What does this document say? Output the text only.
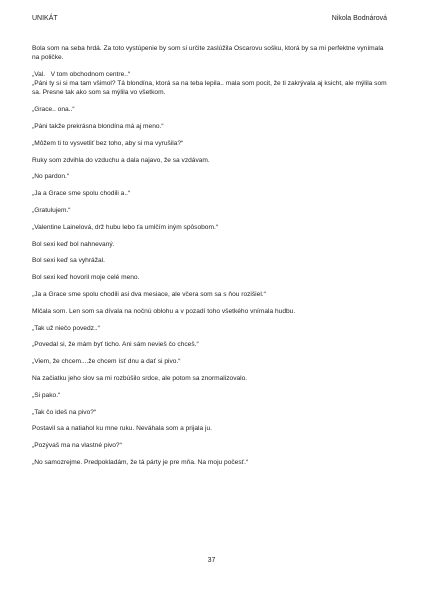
UNIKÁT	Nikola Bodnárová

Bola som na seba hrdá. Za toto vystúpenie by som si určite zaslúžila Oscarovu sošku, ktorá by sa mi perfektne vynímala na poličke.

„Val.   V tom obchodnom centre..“
„Páni ty si si ma tam všimol? Tá blondína, ktorá sa na teba lepila.. mala som pocit, že ti zakrývala aj ksicht, ale mýlila som sa. Presne tak ako som sa mýlila vo všetkom.

„Grace.. ona..“

„Páni takže prekrásna blondína má aj meno.“

„Môžem ti to vysvetliť bez toho, aby si ma vyrušila?“

Ruky som zdvihla do vzduchu a dala najavo, že sa vzdávam.

„No pardon.“

„Ja a Grace sme spolu chodili a..“

„Gratulujem.“

„Valentine Lainelová, drž hubu lebo ťa umlčím iným spôsobom.“

Bol sexi keď bol nahnevaný.

Bol sexi keď sa vyhrážal.

Bol sexi keď hovoril moje celé meno.

„Ja a Grace sme spolu chodili asi dva mesiace, ale včera som sa s ňou rozišiel.“

Mlčala som. Len som sa dívala na nočnú oblohu a v pozadí toho všetkého vnímala hudbu.

„Tak už niečo povedz..“

„Povedal si, že mám byť ticho. Ani sám nevieš čo chceš.“

„Viem, že chcem....že chcem ísť dnu a dať si pivo.“

Na začiatku jeho slov sa mi rozbúšilo srdce, ale potom sa znormalizovalo.

„Si pako.“

„Tak čo ideš na pivo?“

Postavil sa a natiahol ku mne ruku. Neváhala som a prijala ju.

„Pozývaš ma na vlastné pivo?“

„No samozrejme. Predpokladám, že tá párty je pre mňa. Na moju počesť.“

37
